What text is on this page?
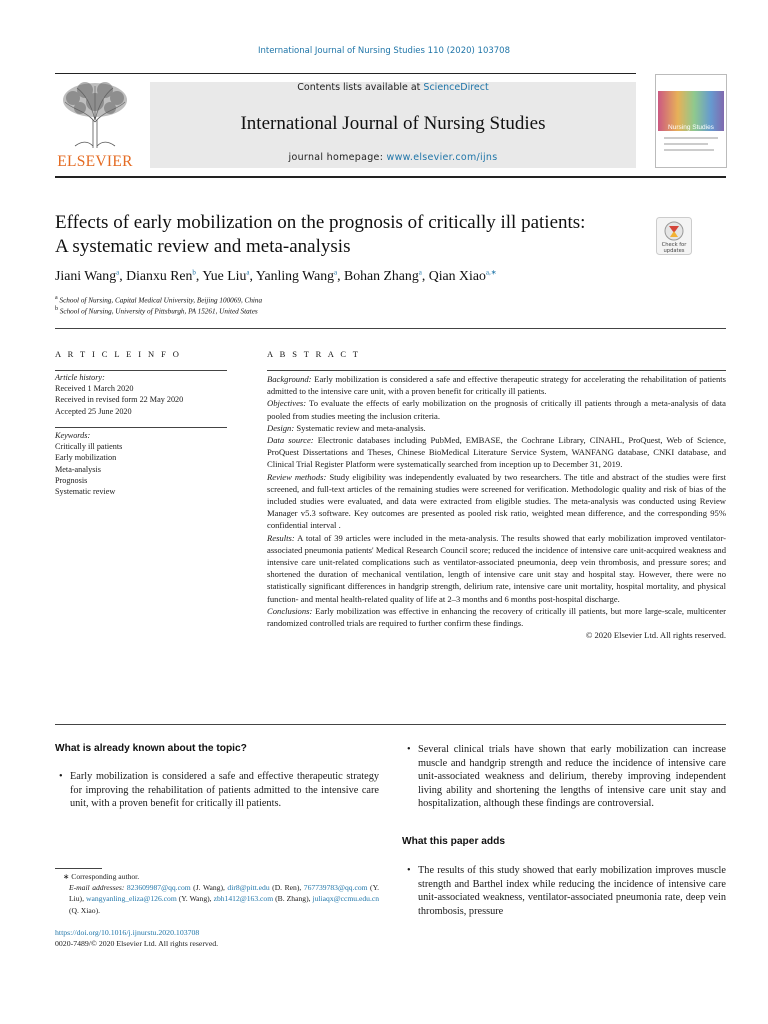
International Journal of Nursing Studies 110 (2020) 103708
ELSEVIER
Contents lists available at ScienceDirect
International Journal of Nursing Studies
journal homepage: www.elsevier.com/ijns
Nursing Studies
Effects of early mobilization on the prognosis of critically ill patients:
A systematic review and meta-analysis	Check for
updates
Jiani Wang$^a$, Dianxu Ren$^b$, Yue Liu$^a$, Yanling Wang$^a$, Bohan Zhang$^a$, Qian Xiao$^{a,∗}$
$^a$ School of Nursing, Capital Medical University, Beijing 100069, China
$^b$ School of Nursing, University of Pittsburgh, PA 15261, United States
A R T I C L E I N F O
Article history:
Received 1 March 2020
Received in revised form 22 May 2020
Accepted 25 June 2020
Keywords:
Critically ill patients
Early mobilization
Meta-analysis
Prognosis
Systematic review
A B S T R A C T

Background: Early mobilization is considered a safe and effective therapeutic strategy for accelerating the rehabilitation of patients admitted to the intensive care unit, with a proven benefit for critically ill patients.

Objectives: To evaluate the effects of early mobilization on the prognosis of critically ill patients through a meta-analysis of data pooled from studies meeting the inclusion criteria.

Design: Systematic review and meta-analysis.

Data source: Electronic databases including PubMed, EMBASE, the Cochrane Library, CINAHL, ProQuest, Web of Science, ProQuest Dissertations and Theses, Chinese BioMedical Literature Service System, WANFANG database, CNKI database, and Clinical Trial Register Platform were systematically searched from inception up to December 31, 2019.

Review methods: Study eligibility was independently evaluated by two researchers. The title and abstract of the studies were first screened, and full-text articles of the remaining studies were screened for verification. Methodologic quality and risk of bias of the included studies were evaluated, and data were extracted from eligible studies. The meta-analysis was conducted using Review Manager v5.3 software. Key outcomes are presented as pooled risk ratio, weighted mean difference, and the corresponding 95% confidential interval .

Results: A total of 39 articles were included in the meta-analysis. The results showed that early mobilization improved ventilator-associated pneumonia patients' Medical Research Council score; reduced the incidence of intensive care unit-acquired weakness and intensive care unit-related complications such as ventilator-associated pneumonia, deep vein thrombosis, and pressure sores; and shortened the duration of mechanical ventilation, length of intensive care unit stay and hospital stay. However, there were no statistically significant differences in handgrip strength, delirium rate, intensive care unit mortality, hospital mortality, and physical function- and mental health-related quality of life at 2–3 months and 6 months post-hospital discharge.

Conclusions: Early mobilization was effective in enhancing the recovery of critically ill patients, but more large-scale, multicenter randomized controlled trials are required to further confirm these findings.

© 2020 Elsevier Ltd. All rights reserved.

What is already known about the topic?
• Early mobilization is considered a safe and effective therapeutic strategy for improving the rehabilitation of patients admitted to the intensive care unit, with a proven benefit for critically ill patients.
• Several clinical trials have shown that early mobilization can increase muscle and handgrip strength and reduce the incidence of intensive care unit-associated weakness and delirium, thereby improving independent living ability and shortening the lengths of intensive care unit stay and hospitalization, although these findings are controversial.
What this paper adds
• The results of this study showed that early mobilization improves muscle strength and Barthel index while reducing the incidence of intensive care unit-associated weakness, ventilator-associated pneumonia rate, deep vein thrombosis, pressure
∗ Corresponding author.
E-mail addresses: 823609987@qq.com (J. Wang), dir8@pitt.edu (D. Ren), 767739783@qq.com (Y. Liu), wangyanling_eliza@126.com (Y. Wang), zbh1412@163.com (B. Zhang), juliaqx@ccmu.edu.cn (Q. Xiao).
https://doi.org/10.1016/j.ijnurstu.2020.103708
0020-7489/© 2020 Elsevier Ltd. All rights reserved.
